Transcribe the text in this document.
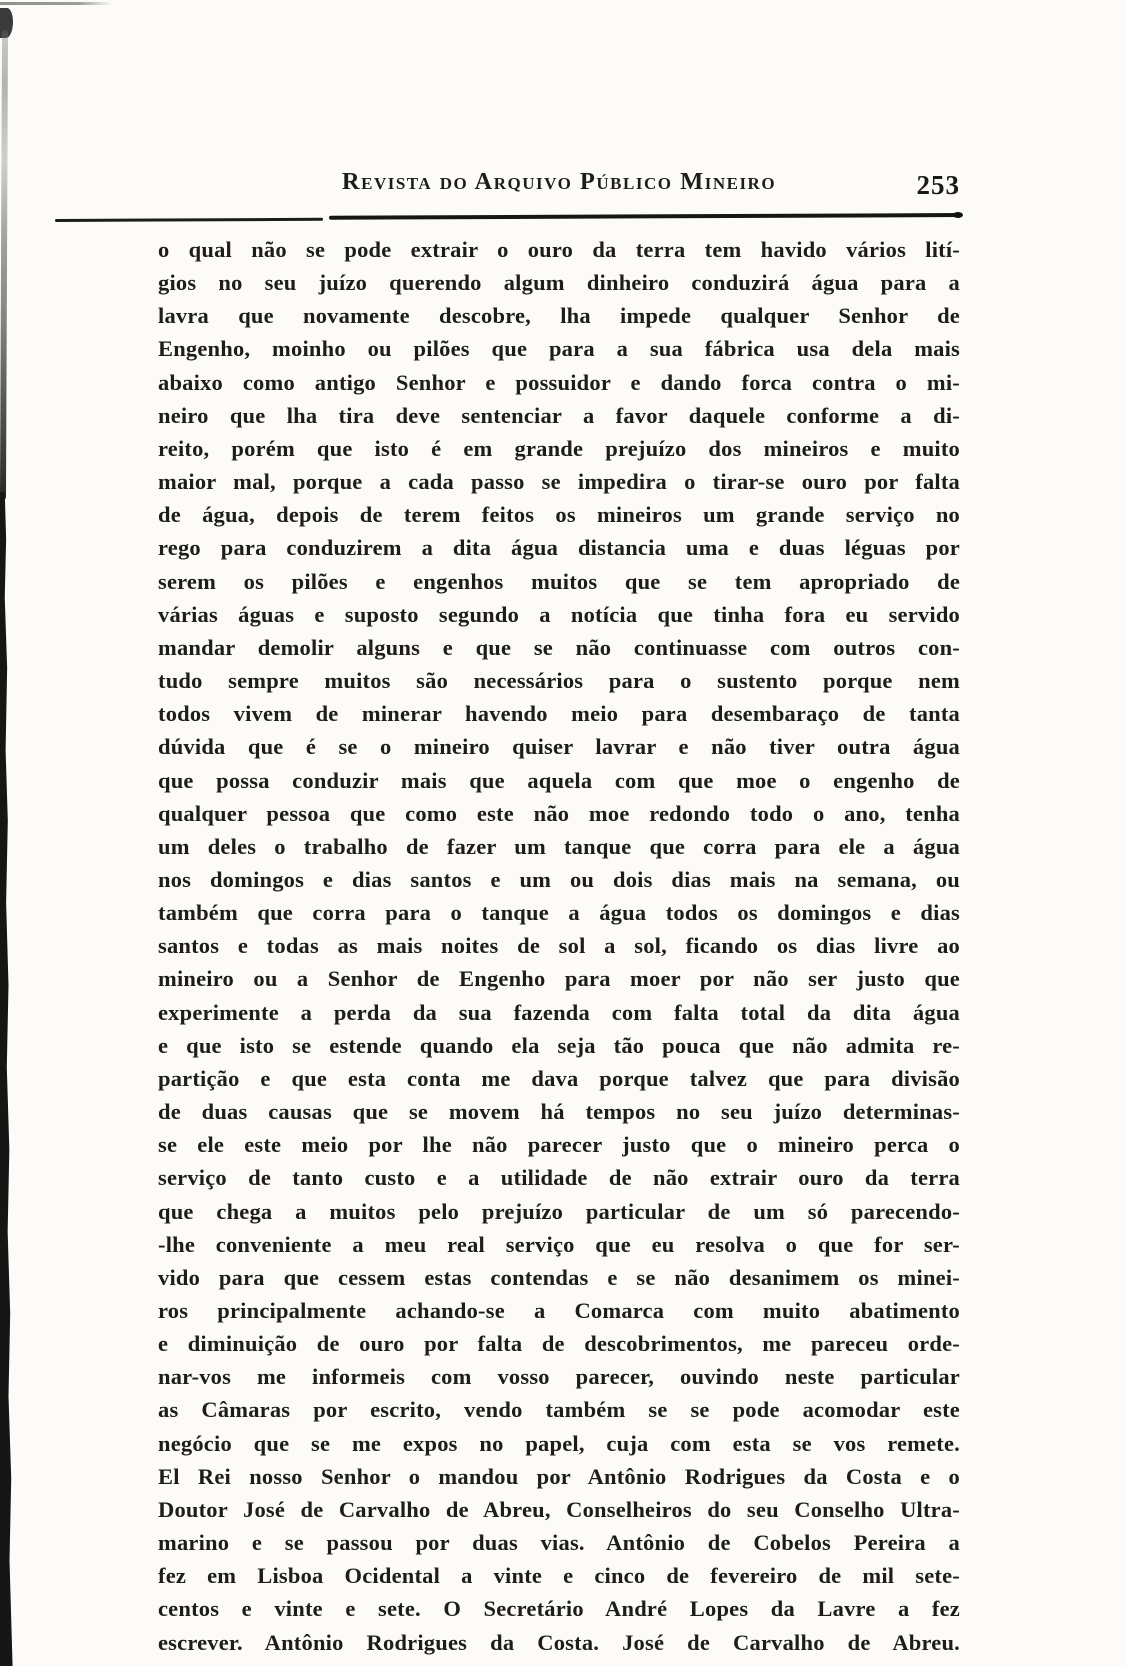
Revista do Arquivo Público Mineiro	253
o qual não se pode extrair o ouro da terra tem havido vários lití-
gios no seu juízo querendo algum dinheiro conduzirá água para a
lavra que novamente descobre, lha impede qualquer Senhor de
Engenho, moinho ou pilões que para a sua fábrica usa dela mais
abaixo como antigo Senhor e possuidor e dando forca contra o mi-
neiro que lha tira deve sentenciar a favor daquele conforme a di-
reito, porém que isto é em grande prejuízo dos mineiros e muito
maior mal, porque a cada passo se impedira o tirar-se ouro por falta
de água, depois de terem feitos os mineiros um grande serviço no
rego para conduzirem a dita água distancia uma e duas léguas por
serem os pilões e engenhos muitos que se tem apropriado de
várias águas e suposto segundo a notícia que tinha fora eu servido
mandar demolir alguns e que se não continuasse com outros con-
tudo sempre muitos são necessários para o sustento porque nem
todos vivem de minerar havendo meio para desembaraço de tanta
dúvida que é se o mineiro quiser lavrar e não tiver outra água
que possa conduzir mais que aquela com que moe o engenho de
qualquer pessoa que como este não moe redondo todo o ano, tenha
um deles o trabalho de fazer um tanque que corra para ele a água
nos domingos e dias santos e um ou dois dias mais na semana, ou
também que corra para o tanque a água todos os domingos e dias
santos e todas as mais noites de sol a sol, ficando os dias livre ao
mineiro ou a Senhor de Engenho para moer por não ser justo que
experimente a perda da sua fazenda com falta total da dita água
e que isto se estende quando ela seja tão pouca que não admita re-
partição e que esta conta me dava porque talvez que para divisão
de duas causas que se movem há tempos no seu juízo determinas-
se ele este meio por lhe não parecer justo que o mineiro perca o
serviço de tanto custo e a utilidade de não extrair ouro da terra
que chega a muitos pelo prejuízo particular de um só parecendo-
-lhe conveniente a meu real serviço que eu resolva o que for ser-
vido para que cessem estas contendas e se não desanimem os minei-
ros principalmente achando-se a Comarca com muito abatimento
e diminuição de ouro por falta de descobrimentos, me pareceu orde-
nar-vos me informeis com vosso parecer, ouvindo neste particular
as Câmaras por escrito, vendo também se se pode acomodar este
negócio que se me expos no papel, cuja com esta se vos remete.
El Rei nosso Senhor o mandou por Antônio Rodrigues da Costa e o
Doutor José de Carvalho de Abreu, Conselheiros do seu Conselho Ultra-
marino e se passou por duas vias. Antônio de Cobelos Pereira a
fez em Lisboa Ocidental a vinte e cinco de fevereiro de mil sete-
centos e vinte e sete. O Secretário André Lopes da Lavre a fez
escrever. Antônio Rodrigues da Costa. José de Carvalho de Abreu.
